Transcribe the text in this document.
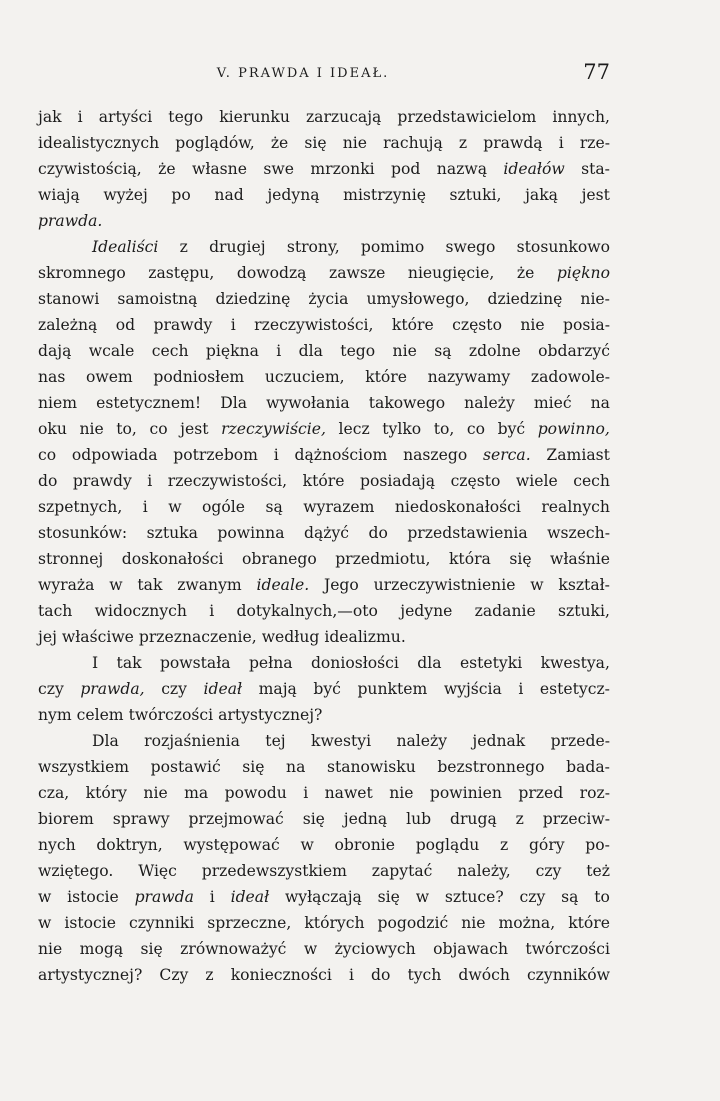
V. PRAWDA I IDEAŁ.	77
jak i artyści tego kierunku zarzucają przedstawicielom innych,
idealistycznych poglądów, że się nie rachują z prawdą i rze-
czywistością, że własne swe mrzonki pod nazwą ideałów sta-
wiają wyżej po nad jedyną mistrzynię sztuki, jaką jest
prawda.
Idealiści z drugiej strony, pomimo swego stosunkowo
skromnego zastępu, dowodzą zawsze nieugięcie, że piękno
stanowi samoistną dziedzinę życia umysłowego, dziedzinę nie-
zależną od prawdy i rzeczywistości, które często nie posia-
dają wcale cech piękna i dla tego nie są zdolne obdarzyć
nas owem podniosłem uczuciem, które nazywamy zadowole-
niem estetycznem! Dla wywołania takowego należy mieć na
oku nie to, co jest rzeczywiście, lecz tylko to, co być powinno,
co odpowiada potrzebom i dążnościom naszego serca. Zamiast
do prawdy i rzeczywistości, które posiadają często wiele cech
szpetnych, i w ogóle są wyrazem niedoskonałości realnych
stosunków: sztuka powinna dążyć do przedstawienia wszech-
stronnej doskonałości obranego przedmiotu, która się właśnie
wyraża w tak zwanym ideale. Jego urzeczywistnienie w kształ-
tach widocznych i dotykalnych,—oto jedyne zadanie sztuki,
jej właściwe przeznaczenie, według idealizmu.
I tak powstała pełna doniosłości dla estetyki kwestya,
czy prawda, czy ideał mają być punktem wyjścia i estetycz-
nym celem twórczości artystycznej?
Dla rozjaśnienia tej kwestyi należy jednak przede-
wszystkiem postawić się na stanowisku bezstronnego bada-
cza, który nie ma powodu i nawet nie powinien przed roz-
biorem sprawy przejmować się jedną lub drugą z przeciw-
nych doktryn, występować w obronie poglądu z góry po-
wziętego. Więc przedewszystkiem zapytać należy, czy też
w istocie prawda i ideał wyłączają się w sztuce? czy są to
w istocie czynniki sprzeczne, których pogodzić nie można, które
nie mogą się zrównoważyć w życiowych objawach twórczości
artystycznej? Czy z konieczności i do tych dwóch czynników
